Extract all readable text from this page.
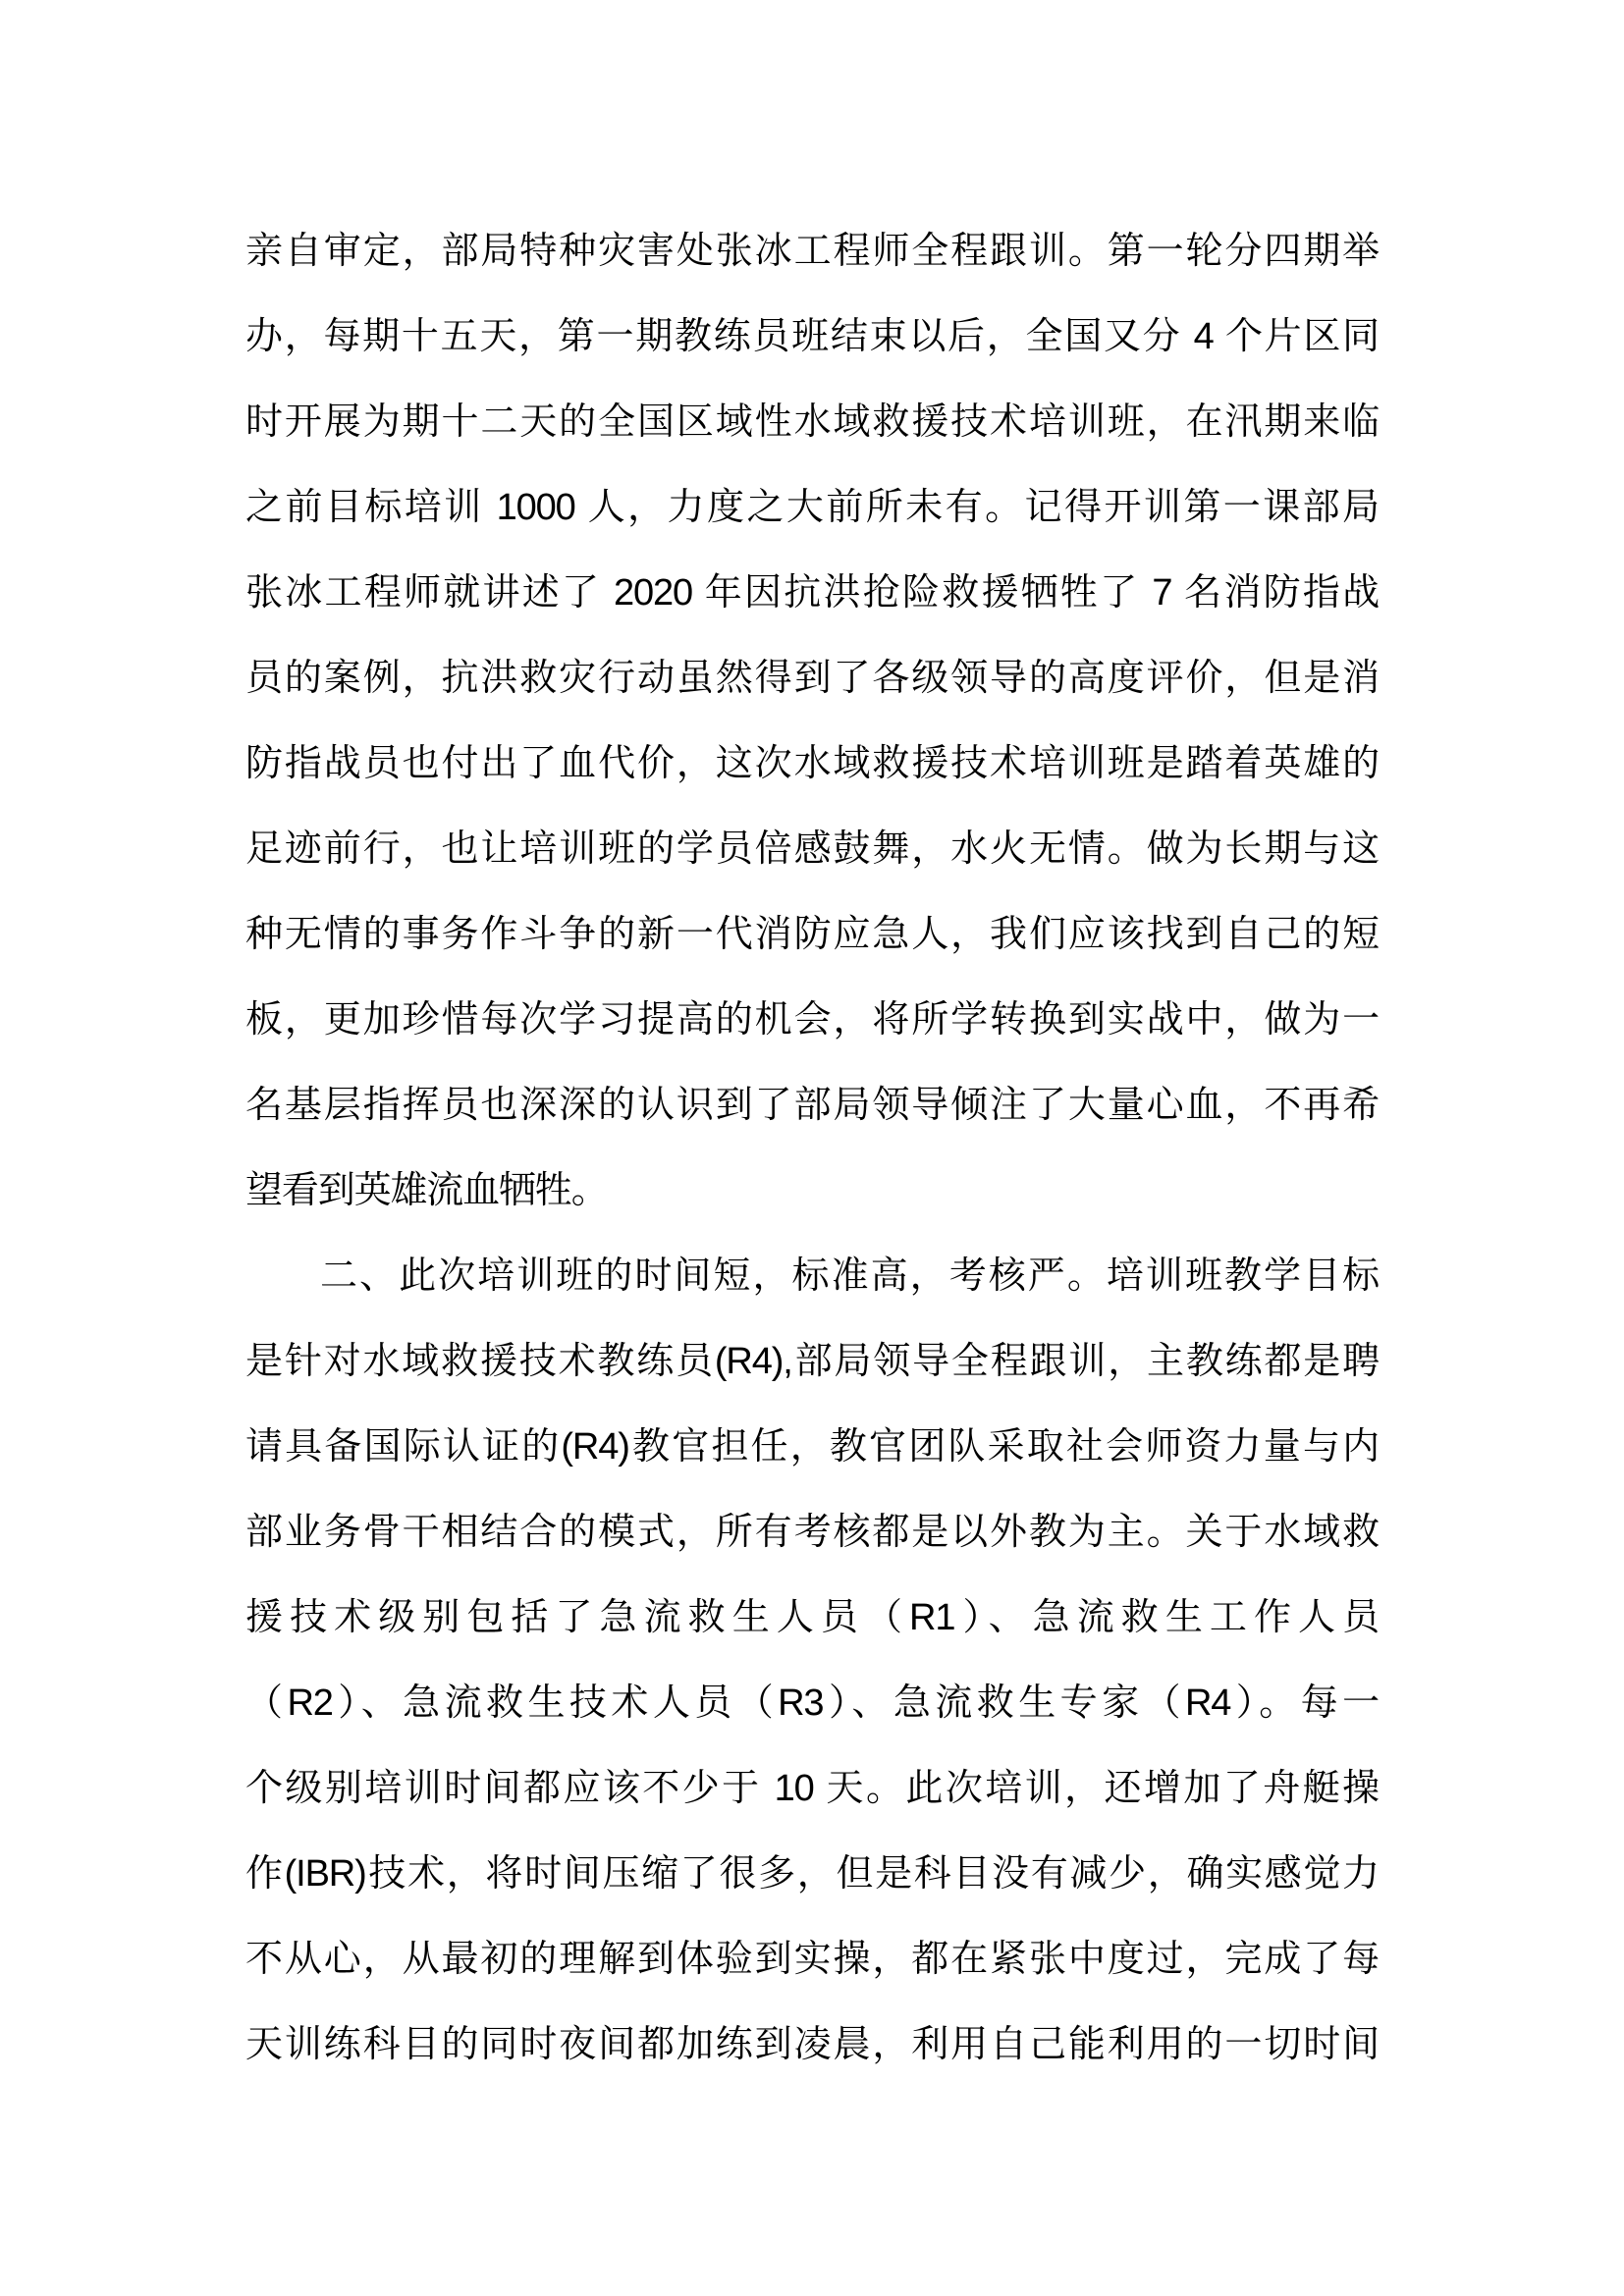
亲自审定，部局特种灾害处张冰工程师全程跟训。第一轮分四期举
办，每期十五天，第一期教练员班结束以后，全国又分 4 个片区同
时开展为期十二天的全国区域性水域救援技术培训班，在汛期来临
之前目标培训 1000 人，力度之大前所未有。记得开训第一课部局
张冰工程师就讲述了 2020 年因抗洪抢险救援牺牲了 7 名消防指战
员的案例，抗洪救灾行动虽然得到了各级领导的高度评价，但是消
防指战员也付出了血代价，这次水域救援技术培训班是踏着英雄的
足迹前行，也让培训班的学员倍感鼓舞，水火无情。做为长期与这
种无情的事务作斗争的新一代消防应急人，我们应该找到自己的短
板，更加珍惜每次学习提高的机会，将所学转换到实战中，做为一
名基层指挥员也深深的认识到了部局领导倾注了大量心血，不再希
望看到英雄流血牺牲。
二、此次培训班的时间短，标准高，考核严。培训班教学目标
是针对水域救援技术教练员(R4),部局领导全程跟训，主教练都是聘
请具备国际认证的(R4)教官担任，教官团队采取社会师资力量与内
部业务骨干相结合的模式，所有考核都是以外教为主。关于水域救
援技术级别包括了急流救生人员（R1）、急流救生工作人员
（R2）、急流救生技术人员（R3）、急流救生专家（R4）。每一
个级别培训时间都应该不少于 10 天。此次培训，还增加了舟艇操
作(IBR)技术，将时间压缩了很多，但是科目没有减少，确实感觉力
不从心，从最初的理解到体验到实操，都在紧张中度过，完成了每
天训练科目的同时夜间都加练到凌晨，利用自己能利用的一切时间
